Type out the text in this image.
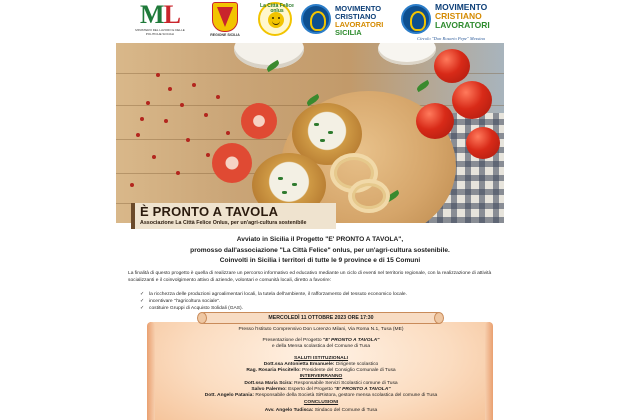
ML
MINISTERO DEL LAVORO E DELLE POLITICHE SOCIALI	REGIONE SICILIA
La Città Felice onlus	MOVIMENTO
CRISTIANO
LAVORATORI
SICILIA
MOVIMENTO
CRISTIANO
LAVORATORI
Circolo "Don Rosario Pepe" Messina
È PRONTO A TAVOLA
Associazione La Città Felice Onlus, per un'agri-cultura sostenibile
Avviato in Sicilia il Progetto "E' PRONTO A TAVOLA",
promosso dall'associazione "La Città Felice" onlus, per un'agri-cultura sostenibile.
Coinvolti in Sicilia i territori di tutte le 9 province e di 15 Comuni
La finalità di questo progetto è quella di realizzare un percorso informativo ed educativo mediante un ciclo di eventi nel territorio regionale, con la realizzazione di attività socializzanti e il coinvolgimento attivo di aziende, volontari e comunità locali, diretto a favorire:
✓ la ricchezza delle produzioni agroalimentari locali, la tutela dell'ambiente, il rafforzamento del tessuto economico locale.
✓ incentivare "l'agricoltura sociale".
✓ costituire Gruppi di Acquisto Solidali (GAS).
Presso l'Istituto Comprensivo Don Lorenzo Milani, Via Roma N.1, Tusa (ME)
Presentazione del Progetto "E' PRONTO A TAVOLA"
e della Mensa scolastica del Comune di Tusa
SALUTI ISTITUZIONALI
Dott.ssa Antonietta Emanuele: Dirigente scolastico
Rag. Rosaria Piscitello: Presidente del Consiglio Comunale di Tusa
INTERVERRANNO
Dott.ssa Maria Scira: Responsabile Servizi Scolastici comune di Tusa
Salvo Palermo: Esperto del Progetto "E' PRONTO A TAVOLA"
Dott. Angelo Patania: Responsabile della Società SiRistora, gestore mensa scolastica del comune di Tusa
CONCLUSIONI
Avv. Angelo Tudisca: Sindaco del Comune di Tusa
MERCOLEDÌ 11 OTTOBRE 2023 ORE 17:30
